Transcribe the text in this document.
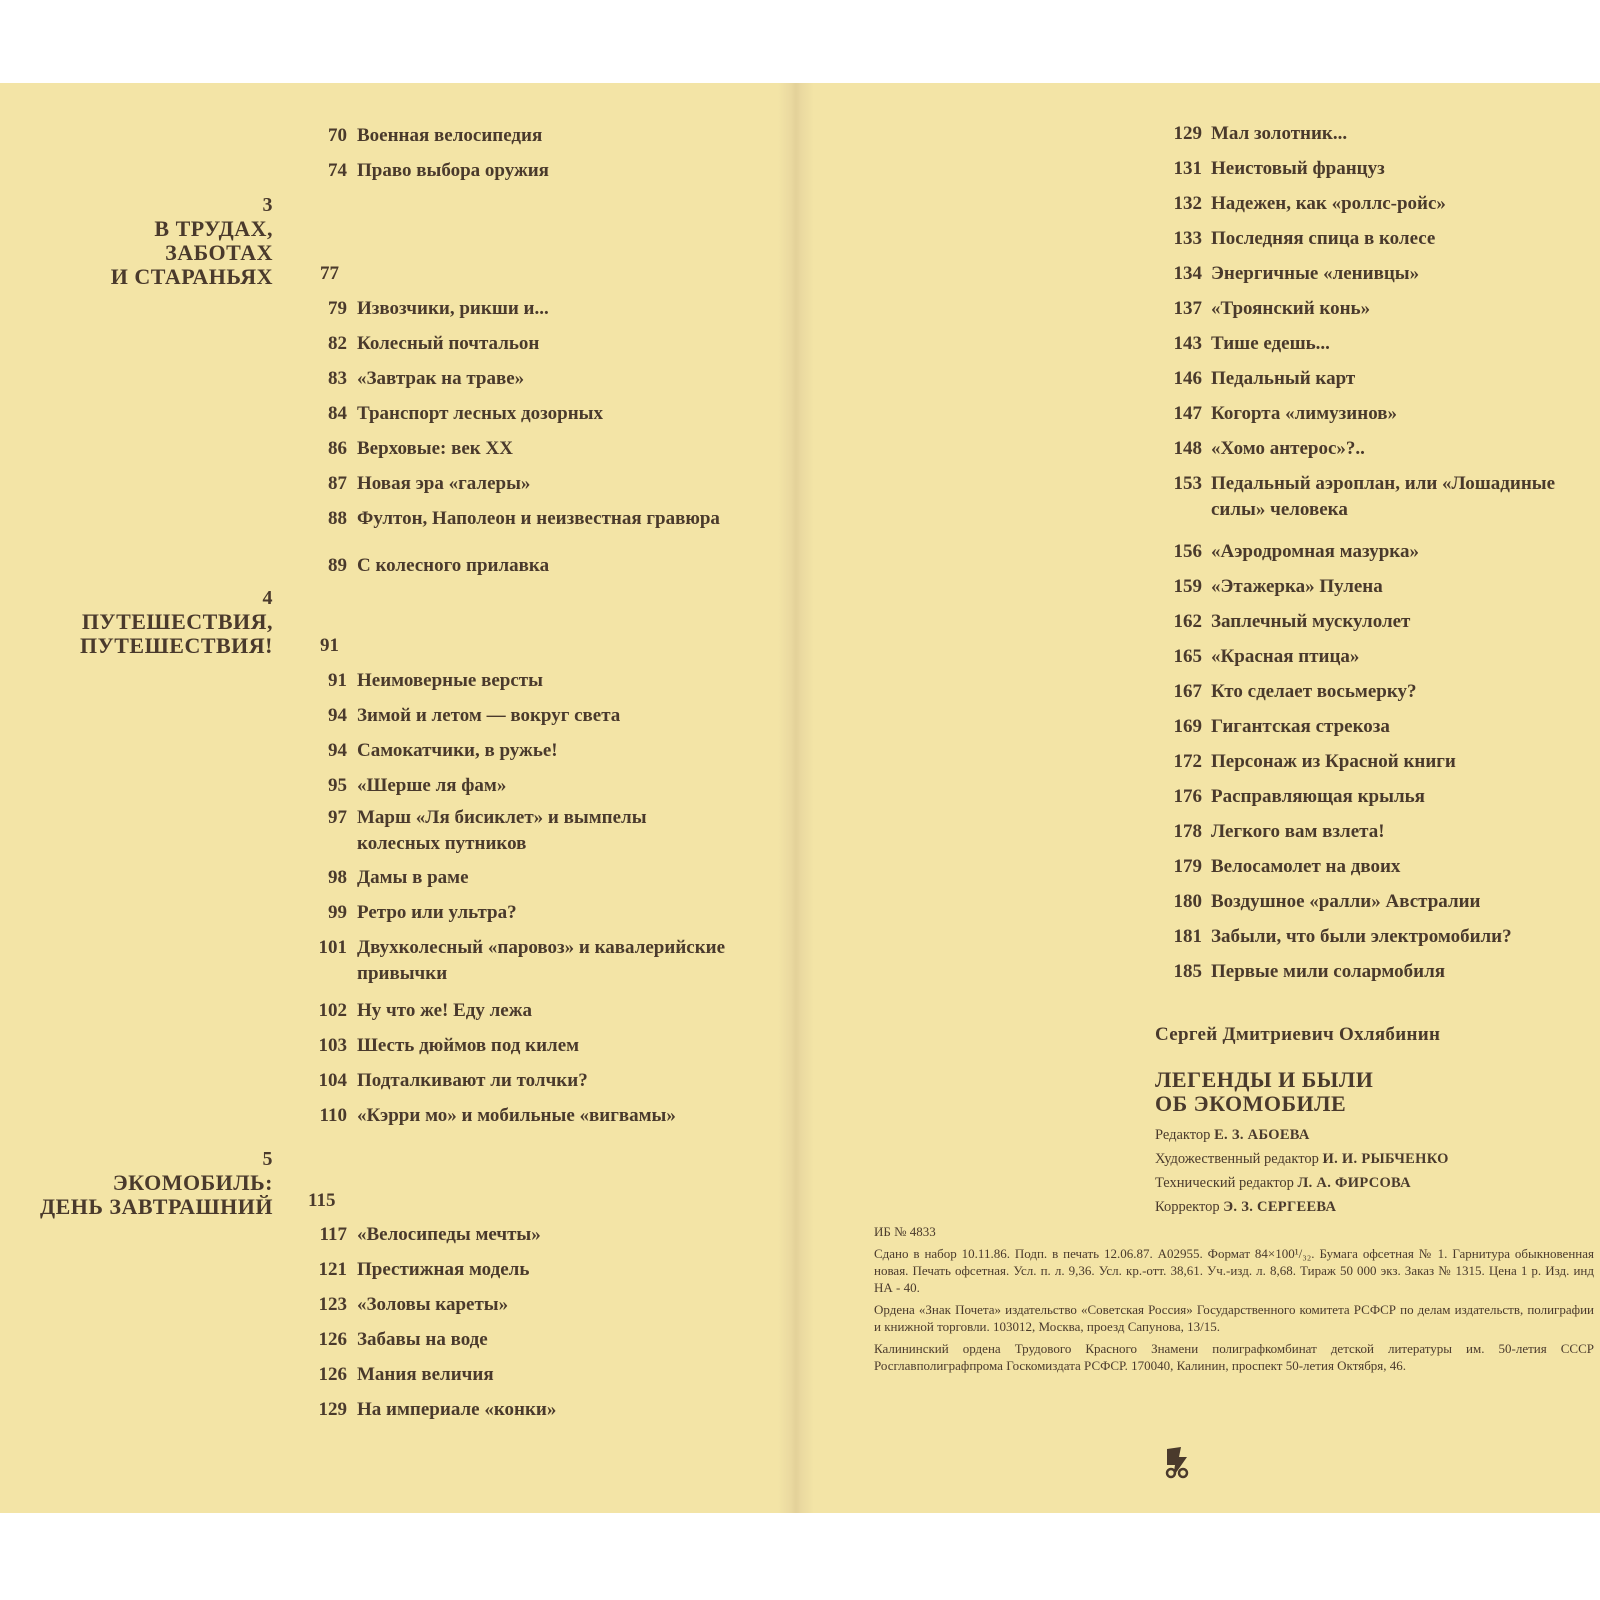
3
В ТРУДАХ,
ЗАБОТАХ
И СТАРАНЬЯХ 77
4
ПУТЕШЕСТВИЯ,
ПУТЕШЕСТВИЯ! 91
5
ЭКОМОБИЛЬ:
ДЕНЬ ЗАВТРАШНИЙ 115
70 Военная велосипедия
74 Право выбора оружия
79 Извозчики, рикши и...
82 Колесный почтальон
83 «Завтрак на траве»
84 Транспорт лесных дозорных
86 Верховые: век XX
87 Новая эра «галеры»
88 Фултон, Наполеон и неизвестная гравюра
89 С колесного прилавка
91 Неимоверные версты
94 Зимой и летом — вокруг света
94 Самокатчики, в ружье!
95 «Шерше ля фам»
97 Марш «Ля бисиклет» и вымпелы колесных путников
98 Дамы в раме
99 Ретро или ультра?
101 Двухколесный «паровоз» и кавалерийские привычки
102 Ну что же! Еду лежа
103 Шесть дюймов под килем
104 Подталкивают ли толчки?
110 «Кэрри мо» и мобильные «вигвамы»
117 «Велосипеды мечты»
121 Престижная модель
123 «Золовы кареты»
126 Забавы на воде
126 Мания величия
129 На империале «конки»
Сергей Дмитриевич Охлябинин
ЛЕГЕНДЫ И БЫЛИ
ОБ ЭКОМОБИЛЕ
Редактор Е. З. АБОЕВА
Художественный редактор И. И. РЫБЧЕНКО
Технический редактор Л. А. ФИРСОВА
Корректор Э. З. СЕРГЕЕВА

ИБ № 4833

Сдано в набор 10.11.86. Подп. в печать 12.06.87. А02955. Формат 84×100¹/₃₂. Бумага офсетная № 1. Гарнитура обыкновенная новая. Печать офсетная. Усл. п. л. 9,36. Усл. кр.-отт. 38,61. Уч.-изд. л. 8,68. Тираж 50 000 экз. Заказ № 1315. Цена 1 р. Изд. инд НА - 40.

Ордена «Знак Почета» издательство «Советская Россия» Государственного комитета РСФСР по делам издательств, полиграфии и книжной торговли. 103012, Москва, проезд Сапунова, 13/15.

Калининский ордена Трудового Красного Знамени полиграфкомбинат детской литературы им. 50-летия СССР Росглавполиграфпрома Госкомиздата РСФСР. 170040, Калинин, проспект 50-летия Октября, 46.

129 Мал золотник...
131 Неистовый француз
132 Надежен, как «роллс-ройс»
133 Последняя спица в колесе
134 Энергичные «ленивцы»
137 «Троянский конь»
143 Тише едешь...
146 Педальный карт
147 Когорта «лимузинов»
148 «Хомо антерос»?..
153 Педальный аэроплан, или «Лошадиные силы» человека
156 «Аэродромная мазурка»
159 «Этажерка» Пулена
162 Заплечный мускулолет
165 «Красная птица»
167 Кто сделает восьмерку?
169 Гигантская стрекоза
172 Персонаж из Красной книги
176 Расправляющая крылья
178 Легкого вам взлета!
179 Велосамолет на двоих
180 Воздушное «ралли» Австралии
181 Забыли, что были электромобили?
185 Первые мили солармобиля
